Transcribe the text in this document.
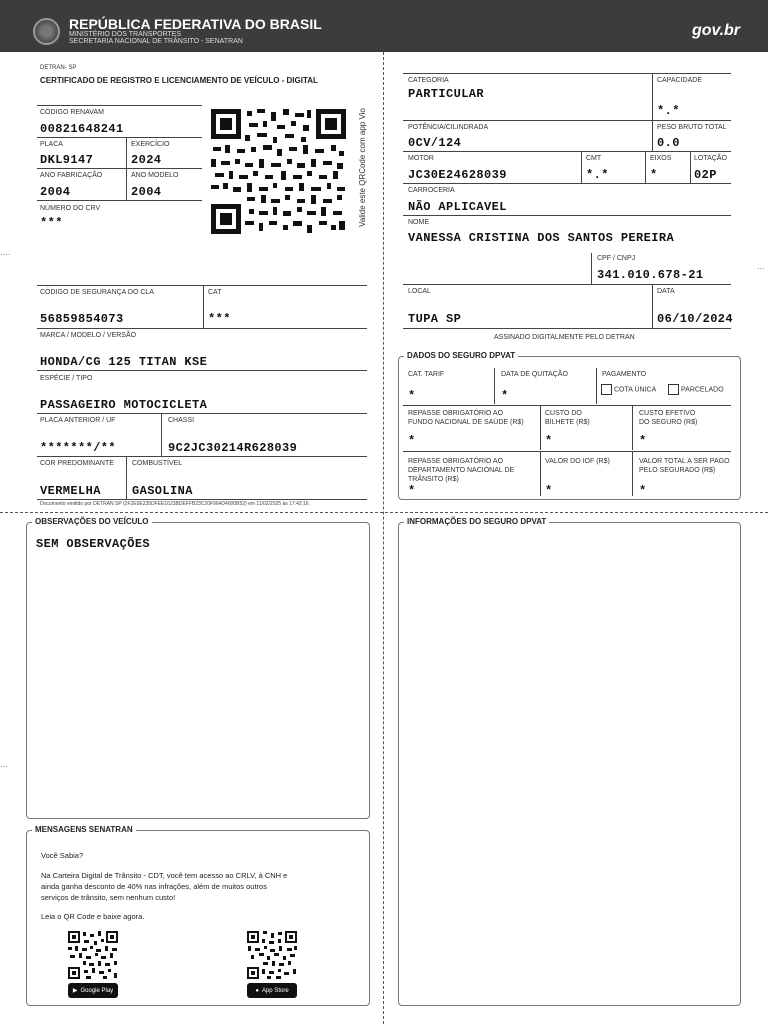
REPÚBLICA FEDERATIVA DO BRASIL
MINISTÉRIO DOS TRANSPORTES
SECRETARIA NACIONAL DE TRÂNSITO - SENATRAN
gov.br
····
···
···
DETRAN- SP
CERTIFICADO DE REGISTRO E LICENCIAMENTO DE VEÍCULO - DIGITAL
CÓDIGO RENAVAM
00821648241
PLACA
DKL9147
EXERCÍCIO
2024
ANO FABRICAÇÃO
2004
ANO MODELO
2004
NÚMERO DO CRV
***	Valide este QRCode com app Vio
CÓDIGO DE SEGURANÇA DO CLA
56859854073
CAT
***
MARCA / MODELO / VERSÃO
HONDA/CG 125 TITAN KSE
ESPÉCIE / TIPO
PASSAGEIRO MOTOCICLETA
PLACA ANTERIOR / UF
*******/**
CHASSI
9C2JC30214R628039
COR PREDOMINANTE
VERMELHA
COMBUSTÍVEL
GASOLINA
Documento emitido por DETRAN SP (2F2E0E235DFEE1623BDEFFB23C20F964D4000B52) em 11/02/2025 às 17:42:16.
CATEGORIA
PARTICULAR
CAPACIDADE
*.*
POTÊNCIA/CILINDRADA
0CV/124
PESO BRUTO TOTAL
0.0
MOTOR
JC30E24628039
CMT
*.*
EIXOS
*
LOTAÇÃO
02P
CARROCERIA
NÃO APLICAVEL
NOME
VANESSA CRISTINA DOS SANTOS PEREIRA
CPF / CNPJ
341.010.678-21
LOCAL
TUPA SP
DATA
06/10/2024
ASSINADO DIGITALMENTE PELO DETRAN
DADOS DO SEGURO DPVAT
CAT. TARIF
*
DATA DE QUITAÇÃO
*
PAGAMENTO
COTA ÚNICA	PARCELADO
REPASSE OBRIGATÓRIO AO
FUNDO NACIONAL DE SAÚDE (R$)
*
CUSTO DO
BILHETE (R$)
*
CUSTO EFETIVO
DO SEGURO (R$)
*
REPASSE OBRIGATÓRIO AO
DEPARTAMENTO NACIONAL DE
TRÂNSITO (R$)
*
VALOR DO IOF (R$)
*
VALOR TOTAL A SER PAGO
PELO SEGURADO (R$)
*
OBSERVAÇÕES DO VEÍCULO
SEM OBSERVAÇÕES
INFORMAÇÕES DO SEGURO DPVAT
MENSAGENS SENATRAN
Você Sabia?
Na Carteira Digital de Trânsito - CDT, você tem acesso ao CRLV, à CNH e
ainda ganha desconto de 40% nas infrações, além de muitos outros
serviços de trânsito, sem nenhum custo!
Leia o QR Code e baixe agora.
▶ Google Play	● App Store
